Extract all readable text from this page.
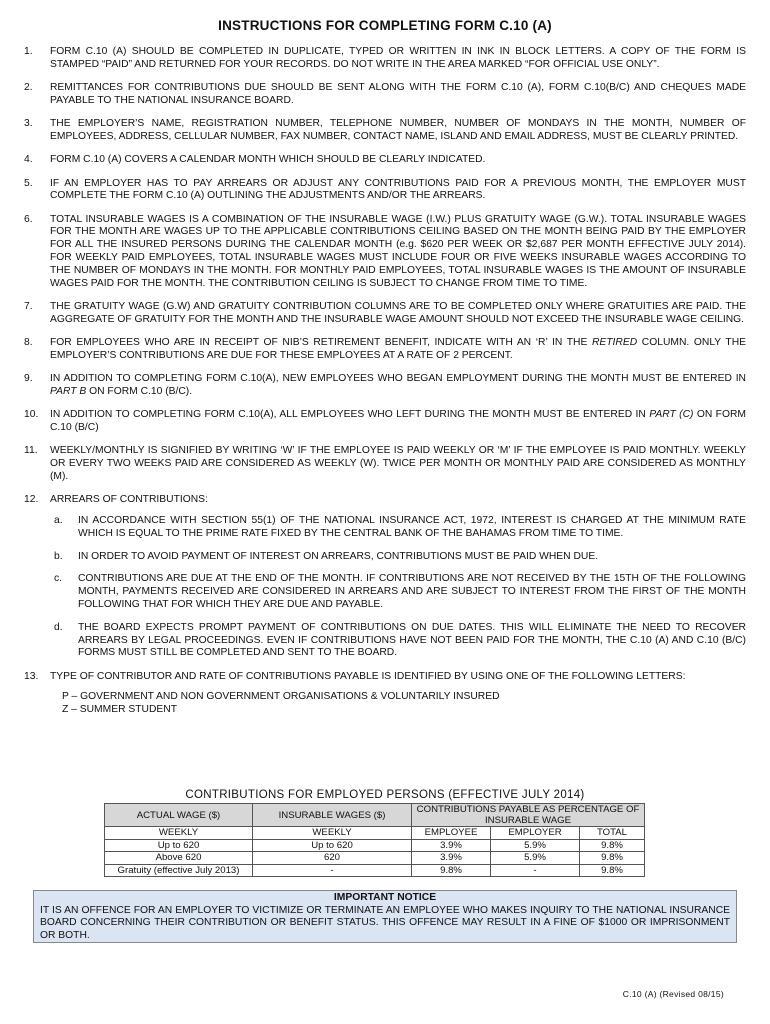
INSTRUCTIONS FOR COMPLETING FORM C.10 (A)
1. FORM C.10 (A) SHOULD BE COMPLETED IN DUPLICATE, TYPED OR WRITTEN IN INK IN BLOCK LETTERS. A COPY OF THE FORM IS STAMPED “PAID” AND RETURNED FOR YOUR RECORDS. DO NOT WRITE IN THE AREA MARKED “FOR OFFICIAL USE ONLY”.
2. REMITTANCES FOR CONTRIBUTIONS DUE SHOULD BE SENT ALONG WITH THE FORM C.10 (A), FORM C.10(B/C) AND CHEQUES MADE PAYABLE TO THE NATIONAL INSURANCE BOARD.
3. THE EMPLOYER’S NAME, REGISTRATION NUMBER, TELEPHONE NUMBER, NUMBER OF MONDAYS IN THE MONTH, NUMBER OF EMPLOYEES, ADDRESS, CELLULAR NUMBER, FAX NUMBER, CONTACT NAME, ISLAND AND EMAIL ADDRESS, MUST BE CLEARLY PRINTED.
4. FORM C.10 (A) COVERS A CALENDAR MONTH WHICH SHOULD BE CLEARLY INDICATED.
5. IF AN EMPLOYER HAS TO PAY ARREARS OR ADJUST ANY CONTRIBUTIONS PAID FOR A PREVIOUS MONTH, THE EMPLOYER MUST COMPLETE THE FORM C.10 (A) OUTLINING THE ADJUSTMENTS AND/OR THE ARREARS.
6. TOTAL INSURABLE WAGES IS A COMBINATION OF THE INSURABLE WAGE (I.W.) PLUS GRATUITY WAGE (G.W.). TOTAL INSURABLE WAGES FOR THE MONTH ARE WAGES UP TO THE APPLICABLE CONTRIBUTIONS CEILING BASED ON THE MONTH BEING PAID BY THE EMPLOYER FOR ALL THE INSURED PERSONS DURING THE CALENDAR MONTH (e.g. $620 PER WEEK OR $2,687 PER MONTH EFFECTIVE JULY 2014). FOR WEEKLY PAID EMPLOYEES, TOTAL INSURABLE WAGES MUST INCLUDE FOUR OR FIVE WEEKS INSURABLE WAGES ACCORDING TO THE NUMBER OF MONDAYS IN THE MONTH. FOR MONTHLY PAID EMPLOYEES, TOTAL INSURABLE WAGES IS THE AMOUNT OF INSURABLE WAGES PAID FOR THE MONTH. THE CONTRIBUTION CEILING IS SUBJECT TO CHANGE FROM TIME TO TIME.
7. THE GRATUITY WAGE (G.W) AND GRATUITY CONTRIBUTION COLUMNS ARE TO BE COMPLETED ONLY WHERE GRATUITIES ARE PAID. THE AGGREGATE OF GRATUITY FOR THE MONTH AND THE INSURABLE WAGE AMOUNT SHOULD NOT EXCEED THE INSURABLE WAGE CEILING.
8. FOR EMPLOYEES WHO ARE IN RECEIPT OF NIB’S RETIREMENT BENEFIT, INDICATE WITH AN ‘R’ IN THE RETIRED COLUMN. ONLY THE EMPLOYER’S CONTRIBUTIONS ARE DUE FOR THESE EMPLOYEES AT A RATE OF 2 PERCENT.
9. IN ADDITION TO COMPLETING FORM C.10(A), NEW EMPLOYEES WHO BEGAN EMPLOYMENT DURING THE MONTH MUST BE ENTERED IN PART B ON FORM C.10 (B/C).
10. IN ADDITION TO COMPLETING FORM C.10(A), ALL EMPLOYEES WHO LEFT DURING THE MONTH MUST BE ENTERED IN PART (C) ON FORM C.10 (B/C)
11. WEEKLY/MONTHLY IS SIGNIFIED BY WRITING ‘W’ IF THE EMPLOYEE IS PAID WEEKLY OR ‘M’ IF THE EMPLOYEE IS PAID MONTHLY. WEEKLY OR EVERY TWO WEEKS PAID ARE CONSIDERED AS WEEKLY (W). TWICE PER MONTH OR MONTHLY PAID ARE CONSIDERED AS MONTHLY (M).
12. ARREARS OF CONTRIBUTIONS:
a. IN ACCORDANCE WITH SECTION 55(1) OF THE NATIONAL INSURANCE ACT, 1972, INTEREST IS CHARGED AT THE MINIMUM RATE WHICH IS EQUAL TO THE PRIME RATE FIXED BY THE CENTRAL BANK OF THE BAHAMAS FROM TIME TO TIME.
b. IN ORDER TO AVOID PAYMENT OF INTEREST ON ARREARS, CONTRIBUTIONS MUST BE PAID WHEN DUE.
c. CONTRIBUTIONS ARE DUE AT THE END OF THE MONTH. IF CONTRIBUTIONS ARE NOT RECEIVED BY THE 15TH OF THE FOLLOWING MONTH, PAYMENTS RECEIVED ARE CONSIDERED IN ARREARS AND ARE SUBJECT TO INTEREST FROM THE FIRST OF THE MONTH FOLLOWING THAT FOR WHICH THEY ARE DUE AND PAYABLE.
d. THE BOARD EXPECTS PROMPT PAYMENT OF CONTRIBUTIONS ON DUE DATES. THIS WILL ELIMINATE THE NEED TO RECOVER ARREARS BY LEGAL PROCEEDINGS. EVEN IF CONTRIBUTIONS HAVE NOT BEEN PAID FOR THE MONTH, THE C.10 (A) AND C.10 (B/C) FORMS MUST STILL BE COMPLETED AND SENT TO THE BOARD.
13. TYPE OF CONTRIBUTOR AND RATE OF CONTRIBUTIONS PAYABLE IS IDENTIFIED BY USING ONE OF THE FOLLOWING LETTERS:
P – GOVERNMENT AND NON GOVERNMENT ORGANISATIONS & VOLUNTARILY INSURED
Z – SUMMER STUDENT
CONTRIBUTIONS FOR EMPLOYED PERSONS (EFFECTIVE JULY 2014)
ACTUAL WAGE ($)	INSURABLE WAGES ($)	CONTRIBUTIONS PAYABLE AS PERCENTAGE OF INSURABLE WAGE		
WEEKLY	WEEKLY	EMPLOYEE	EMPLOYER	TOTAL
Up to 620	Up to 620	3.9%	5.9%	9.8%
Above 620	620	3.9%	5.9%	9.8%
Gratuity (effective July 2013)	-	9.8%	-	9.8%
IMPORTANT NOTICE
IT IS AN OFFENCE FOR AN EMPLOYER TO VICTIMIZE OR TERMINATE AN EMPLOYEE WHO MAKES INQUIRY TO THE NATIONAL INSURANCE BOARD CONCERNING THEIR CONTRIBUTION OR BENEFIT STATUS. THIS OFFENCE MAY RESULT IN A FINE OF $1000 OR IMPRISONMENT OR BOTH.
C.10 (A) (Revised 08/15)
